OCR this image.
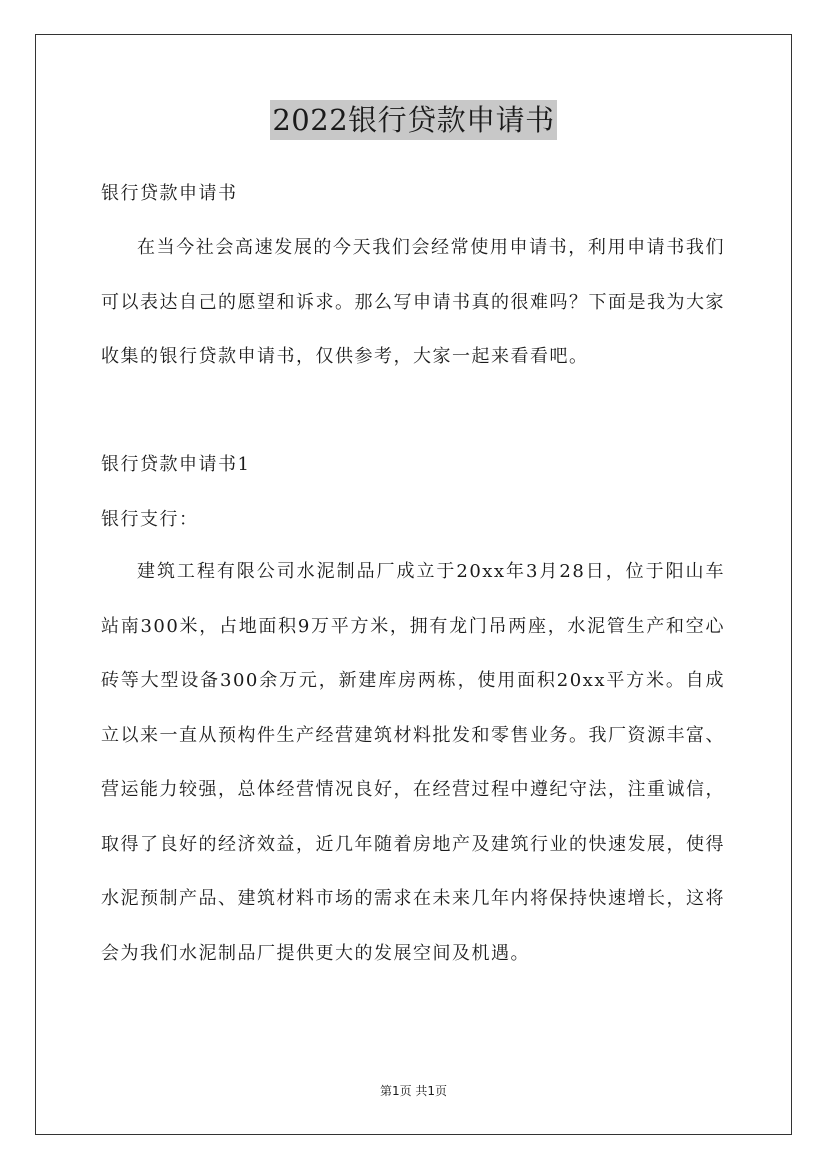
2022银行贷款申请书
银行贷款申请书

在当今社会高速发展的今天我们会经常使用申请书，利用申请书我们可以表达自己的愿望和诉求。那么写申请书真的很难吗？下面是我为大家收集的银行贷款申请书，仅供参考，大家一起来看看吧。

银行贷款申请书1
银行支行：

建筑工程有限公司水泥制品厂成立于20xx年3月28日，位于阳山车站南300米，占地面积9万平方米，拥有龙门吊两座，水泥管生产和空心砖等大型设备300余万元，新建库房两栋，使用面积20xx平方米。自成立以来一直从预构件生产经营建筑材料批发和零售业务。我厂资源丰富、营运能力较强，总体经营情况良好，在经营过程中遵纪守法，注重诚信，取得了良好的经济效益，近几年随着房地产及建筑行业的快速发展，使得水泥预制产品、建筑材料市场的需求在未来几年内将保持快速增长，这将会为我们水泥制品厂提供更大的发展空间及机遇。

第1页 共1页
